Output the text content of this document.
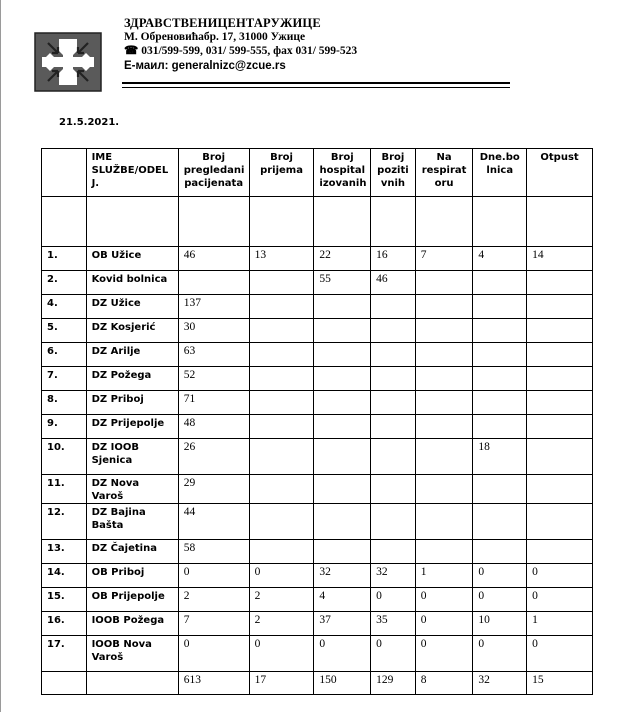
ЗДРАВСТВЕНИЦЕНТАРУЖИЦЕ
М. Обреновићабр. 17, 31000 Ужице
☎ 031/599-599, 031/ 599-555, фах 031/ 599-523
E-маил: generalnizc@zcue.rs
21.5.2021.
	IME SLUŽBE/ODEL J.	Broj pregledani pacijenata	Broj prijema	Broj hospital izovanih	Broj poziti vnih	Na respirat oru	Dne.bo lnica	Otpust

1.	OB Užice	46	13	22	16	7	4	14
2.	Kovid bolnica			55	46			
4.	DZ Užice	137						
5.	DZ Kosjerić	30						
6.	DZ Arilje	63						
7.	DZ Požega	52						
8.	DZ Priboj	71						
9.	DZ Prijepolje	48						
10.	DZ IOOB Sjenica	26					18	
11.	DZ Nova Varoš	29						
12.	DZ Bajina Bašta	44						
13.	DZ Čajetina	58						
14.	OB Priboj	0	0	32	32	1	0	0
15.	OB Prijepolje	2	2	4	0	0	0	0
16.	IOOB Požega	7	2	37	35	0	10	1
17.	IOOB Nova Varoš	0	0	0	0	0	0	0
		613	17	150	129	8	32	15
